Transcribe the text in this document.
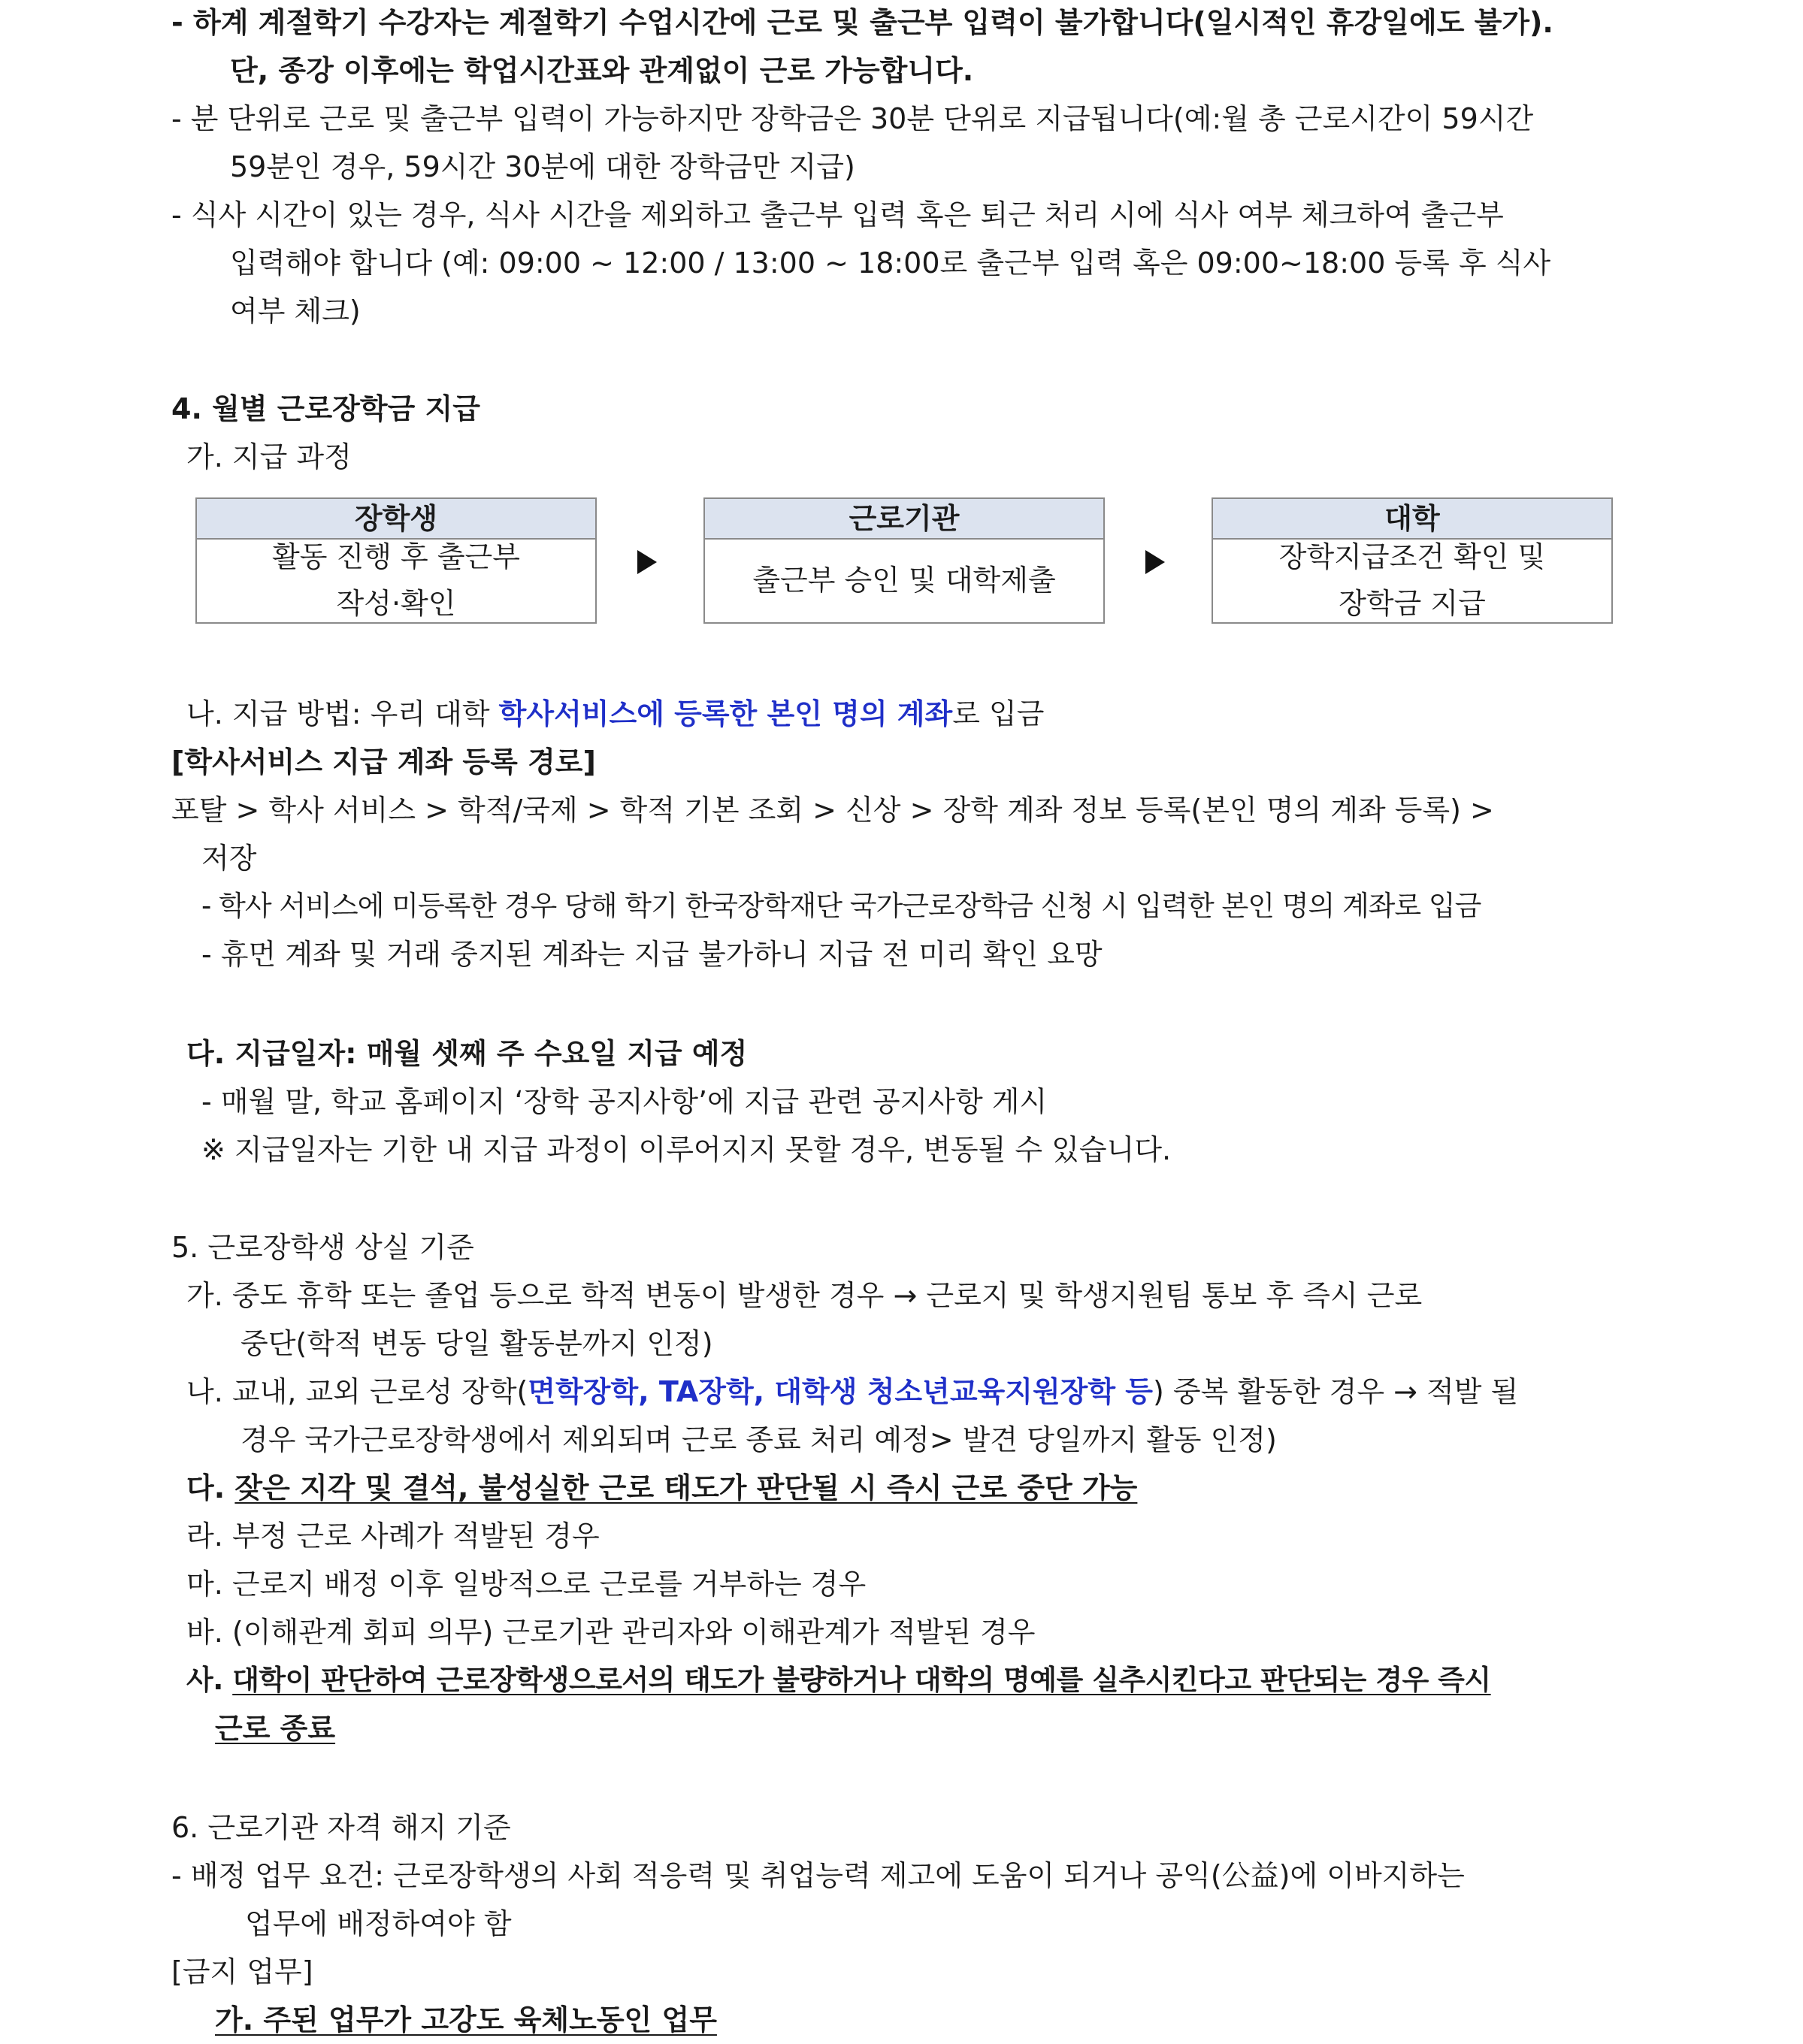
- 하계 계절학기 수강자는 계절학기 수업시간에 근로 및 출근부 입력이 불가합니다(일시적인 휴강일에도 불가).
단, 종강 이후에는 학업시간표와 관계없이 근로 가능합니다.
- 분 단위로 근로 및 출근부 입력이 가능하지만 장학금은 30분 단위로 지급됩니다(예:월 총 근로시간이 59시간
59분인 경우, 59시간 30분에 대한 장학금만 지급)
- 식사 시간이 있는 경우, 식사 시간을 제외하고 출근부 입력 혹은 퇴근 처리 시에 식사 여부 체크하여 출근부
입력해야 합니다 (예: 09:00 ~ 12:00 / 13:00 ~ 18:00로 출근부 입력 혹은 09:00~18:00 등록 후 식사
여부 체크)
4. 월별 근로장학금 지급
가. 지급 과정
장학생
활동 진행 후 출근부
작성·확인
근로기관
출근부 승인 및 대학제출
대학
장학지급조건 확인 및
장학금 지급
나. 지급 방법: 우리 대학 학사서비스에 등록한 본인 명의 계좌로 입금
[학사서비스 지급 계좌 등록 경로]
포탈 > 학사 서비스 > 학적/국제 > 학적 기본 조회 > 신상 > 장학 계좌 정보 등록(본인 명의 계좌 등록) >
저장
- 학사 서비스에 미등록한 경우 당해 학기 한국장학재단 국가근로장학금 신청 시 입력한 본인 명의 계좌로 입금
- 휴먼 계좌 및 거래 중지된 계좌는 지급 불가하니 지급 전 미리 확인 요망
다. 지급일자: 매월 셋째 주 수요일 지급 예정
- 매월 말, 학교 홈페이지 ‘장학 공지사항’에 지급 관련 공지사항 게시
※ 지급일자는 기한 내 지급 과정이 이루어지지 못할 경우, 변동될 수 있습니다.
5. 근로장학생 상실 기준
가. 중도 휴학 또는 졸업 등으로 학적 변동이 발생한 경우 → 근로지 및 학생지원팀 통보 후 즉시 근로
중단(학적 변동 당일 활동분까지 인정)
나. 교내, 교외 근로성 장학(면학장학, TA장학, 대학생 청소년교육지원장학 등) 중복 활동한 경우 → 적발 될
경우 국가근로장학생에서 제외되며 근로 종료 처리 예정> 발견 당일까지 활동 인정)
다. 잦은 지각 및 결석, 불성실한 근로 태도가 판단될 시 즉시 근로 중단 가능
라. 부정 근로 사례가 적발된 경우
마. 근로지 배정 이후 일방적으로 근로를 거부하는 경우
바. (이해관계 회피 의무) 근로기관 관리자와 이해관계가 적발된 경우
사. 대학이 판단하여 근로장학생으로서의 태도가 불량하거나 대학의 명예를 실추시킨다고 판단되는 경우 즉시
근로 종료
6. 근로기관 자격 해지 기준
- 배정 업무 요건: 근로장학생의 사회 적응력 및 취업능력 제고에 도움이 되거나 공익(公益)에 이바지하는
업무에 배정하여야 함
[금지 업무]
가. 주된 업무가 고강도 육체노동인 업무
